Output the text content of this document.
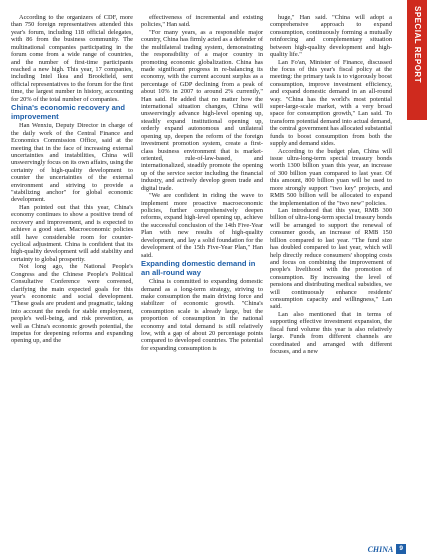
According to the organizers of CDF, more than 750 foreign representatives attended this year's forum, including 118 official delegates, with 86 from the business community. The multinational companies participating in the forum come from a wide range of countries, and the number of first-time participants reached a new high. This year, 17 companies, including Intel Ikea and Brookfield, sent official representatives to the forum for the first time, the largest number in history, accounting for 20% of the total number of companies.

China's economic recovery and improvement

Han Wenxiu, Deputy Director in charge of the daily work of the Central Finance and Economics Commission Office, said at the meeting that in the face of increasing external uncertainties and instabilities, China will unswervingly focus on its own affairs, using the certainty of high-quality development to counter the uncertainties of the external environment and striving to provide a "stabilizing anchor" for global economic development.

Han pointed out that this year, China's economy continues to show a positive trend of recovery and improvement, and is expected to achieve a good start. Macroeconomic policies still have considerable room for counter-cyclical adjustment. China is confident that its high-quality development will add stability and certainty to global prosperity.

Not long ago, the National People's Congress and the Chinese People's Political Consultative Conference were convened, clarifying the main expected goals for this year's economic and social development. "These goals are prudent and pragmatic, taking into account the needs for stable employment, people's well-being, and risk prevention, as well as China's economic growth potential, the impetus for deepening reforms and expanding opening up, and the

effectiveness of incremental and existing policies," Han said.

"For many years, as a responsible major country, China has firmly acted as a defender of the multilateral trading system, demonstrating the responsibility of a major country in promoting economic globalization. China has made significant progress in re-balancing its economy, with the current account surplus as a percentage of GDP declining from a peak of about 10% in 2007 to around 2% currently," Han said. He added that no matter how the international situation changes, China will unswervingly advance high-level opening up, steadily expand institutional opening up, orderly expand autonomous and unilateral opening up, deepen the reform of the foreign investment promotion system, create a first-class business environment that is market-oriented, rule-of-law-based, and internationalized, steadily promote the opening up of the service sector including the financial industry, and actively develop green trade and digital trade.

"We are confident in riding the wave to implement more proactive macroeconomic policies, further comprehensively deepen reforms, expand high-level opening up, achieve the successful conclusion of the 14th Five-Year Plan with new results of high-quality development, and lay a solid foundation for the development of the 15th Five-Year Plan," Han said.

Expanding domestic demand in an all-round way

China is committed to expanding domestic demand as a long-term strategy, striving to make consumption the main driving force and stabilizer of economic growth. "China's consumption scale is already large, but the proportion of consumption in the national economy and total demand is still relatively low, with a gap of about 20 percentage points compared to developed countries. The potential for expanding consumption is

huge," Han said. "China will adopt a comprehensive approach to expand consumption, continuously forming a mutually reinforcing and complementary situation between high-quality development and high-quality life."

Lan Fo'an, Minister of Finance, discussed the focus of this year's fiscal policy at the meeting: the primary task is to vigorously boost consumption, improve investment efficiency, and expand domestic demand in an all-round way. "China has the world's most potential super-large-scale market, with a very broad space for consumption growth," Lan said. To transform potential demand into actual demand, the central government has allocated substantial funds to boost consumption from both the supply and demand sides.

According to the budget plan, China will issue ultra-long-term special treasury bonds worth 1300 billion yuan this year, an increase of 300 billion yuan compared to last year. Of this amount, 800 billion yuan will be used to more strongly support "two key" projects, and RMB 500 billion will be allocated to expand the implementation of the "two new" policies.

Lan introduced that this year, RMB 300 billion of ultra-long-term special treasury bonds will be arranged to support the renewal of consumer goods, an increase of RMB 150 billion compared to last year. "The fund size has doubled compared to last year, which will help directly reduce consumers' shopping costs and focus on combining the improvement of people's livelihood with the promotion of consumption. By increasing the level of pensions and distributing medical subsidies, we will continuously enhance residents' consumption capacity and willingness," Lan said.

Lan also mentioned that in terms of supporting effective investment expansion, the fiscal fund volume this year is also relatively large. Funds from different channels are coordinated and arranged with different focuses, and a new

SPECIAL REPORT
CHINA 9
